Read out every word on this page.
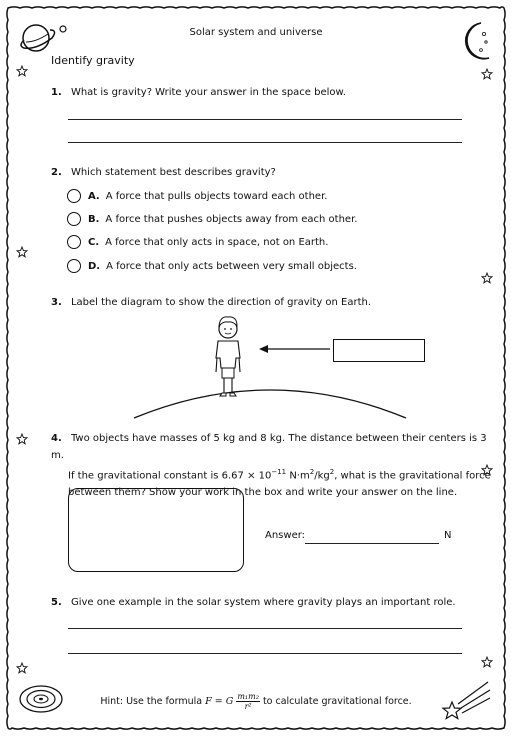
Solar system and universe
Identify gravity
1. What is gravity? Write your answer in the space below.
2. Which statement best describes gravity?
A. A force that pulls objects toward each other.
B. A force that pushes objects away from each other.
C. A force that only acts in space, not on Earth.
D. A force that only acts between very small objects.
3. Label the diagram to show the direction of gravity on Earth.
4. Two objects have masses of 5 kg and 8 kg. The distance between their centers is 3 m.
If the gravitational constant is $6.67 \times 10^{-11}$ $N\cdot m^2/kg^2$, what is the gravitational force
between them? Show your work in the box and write your answer on the line.
Answer:	N
5. Give one example in the solar system where gravity plays an important role.
Hint: Use the formula F = G $\frac{\text{m₁m₂}}{\text{r²}}$ to calculate gravitational force.
